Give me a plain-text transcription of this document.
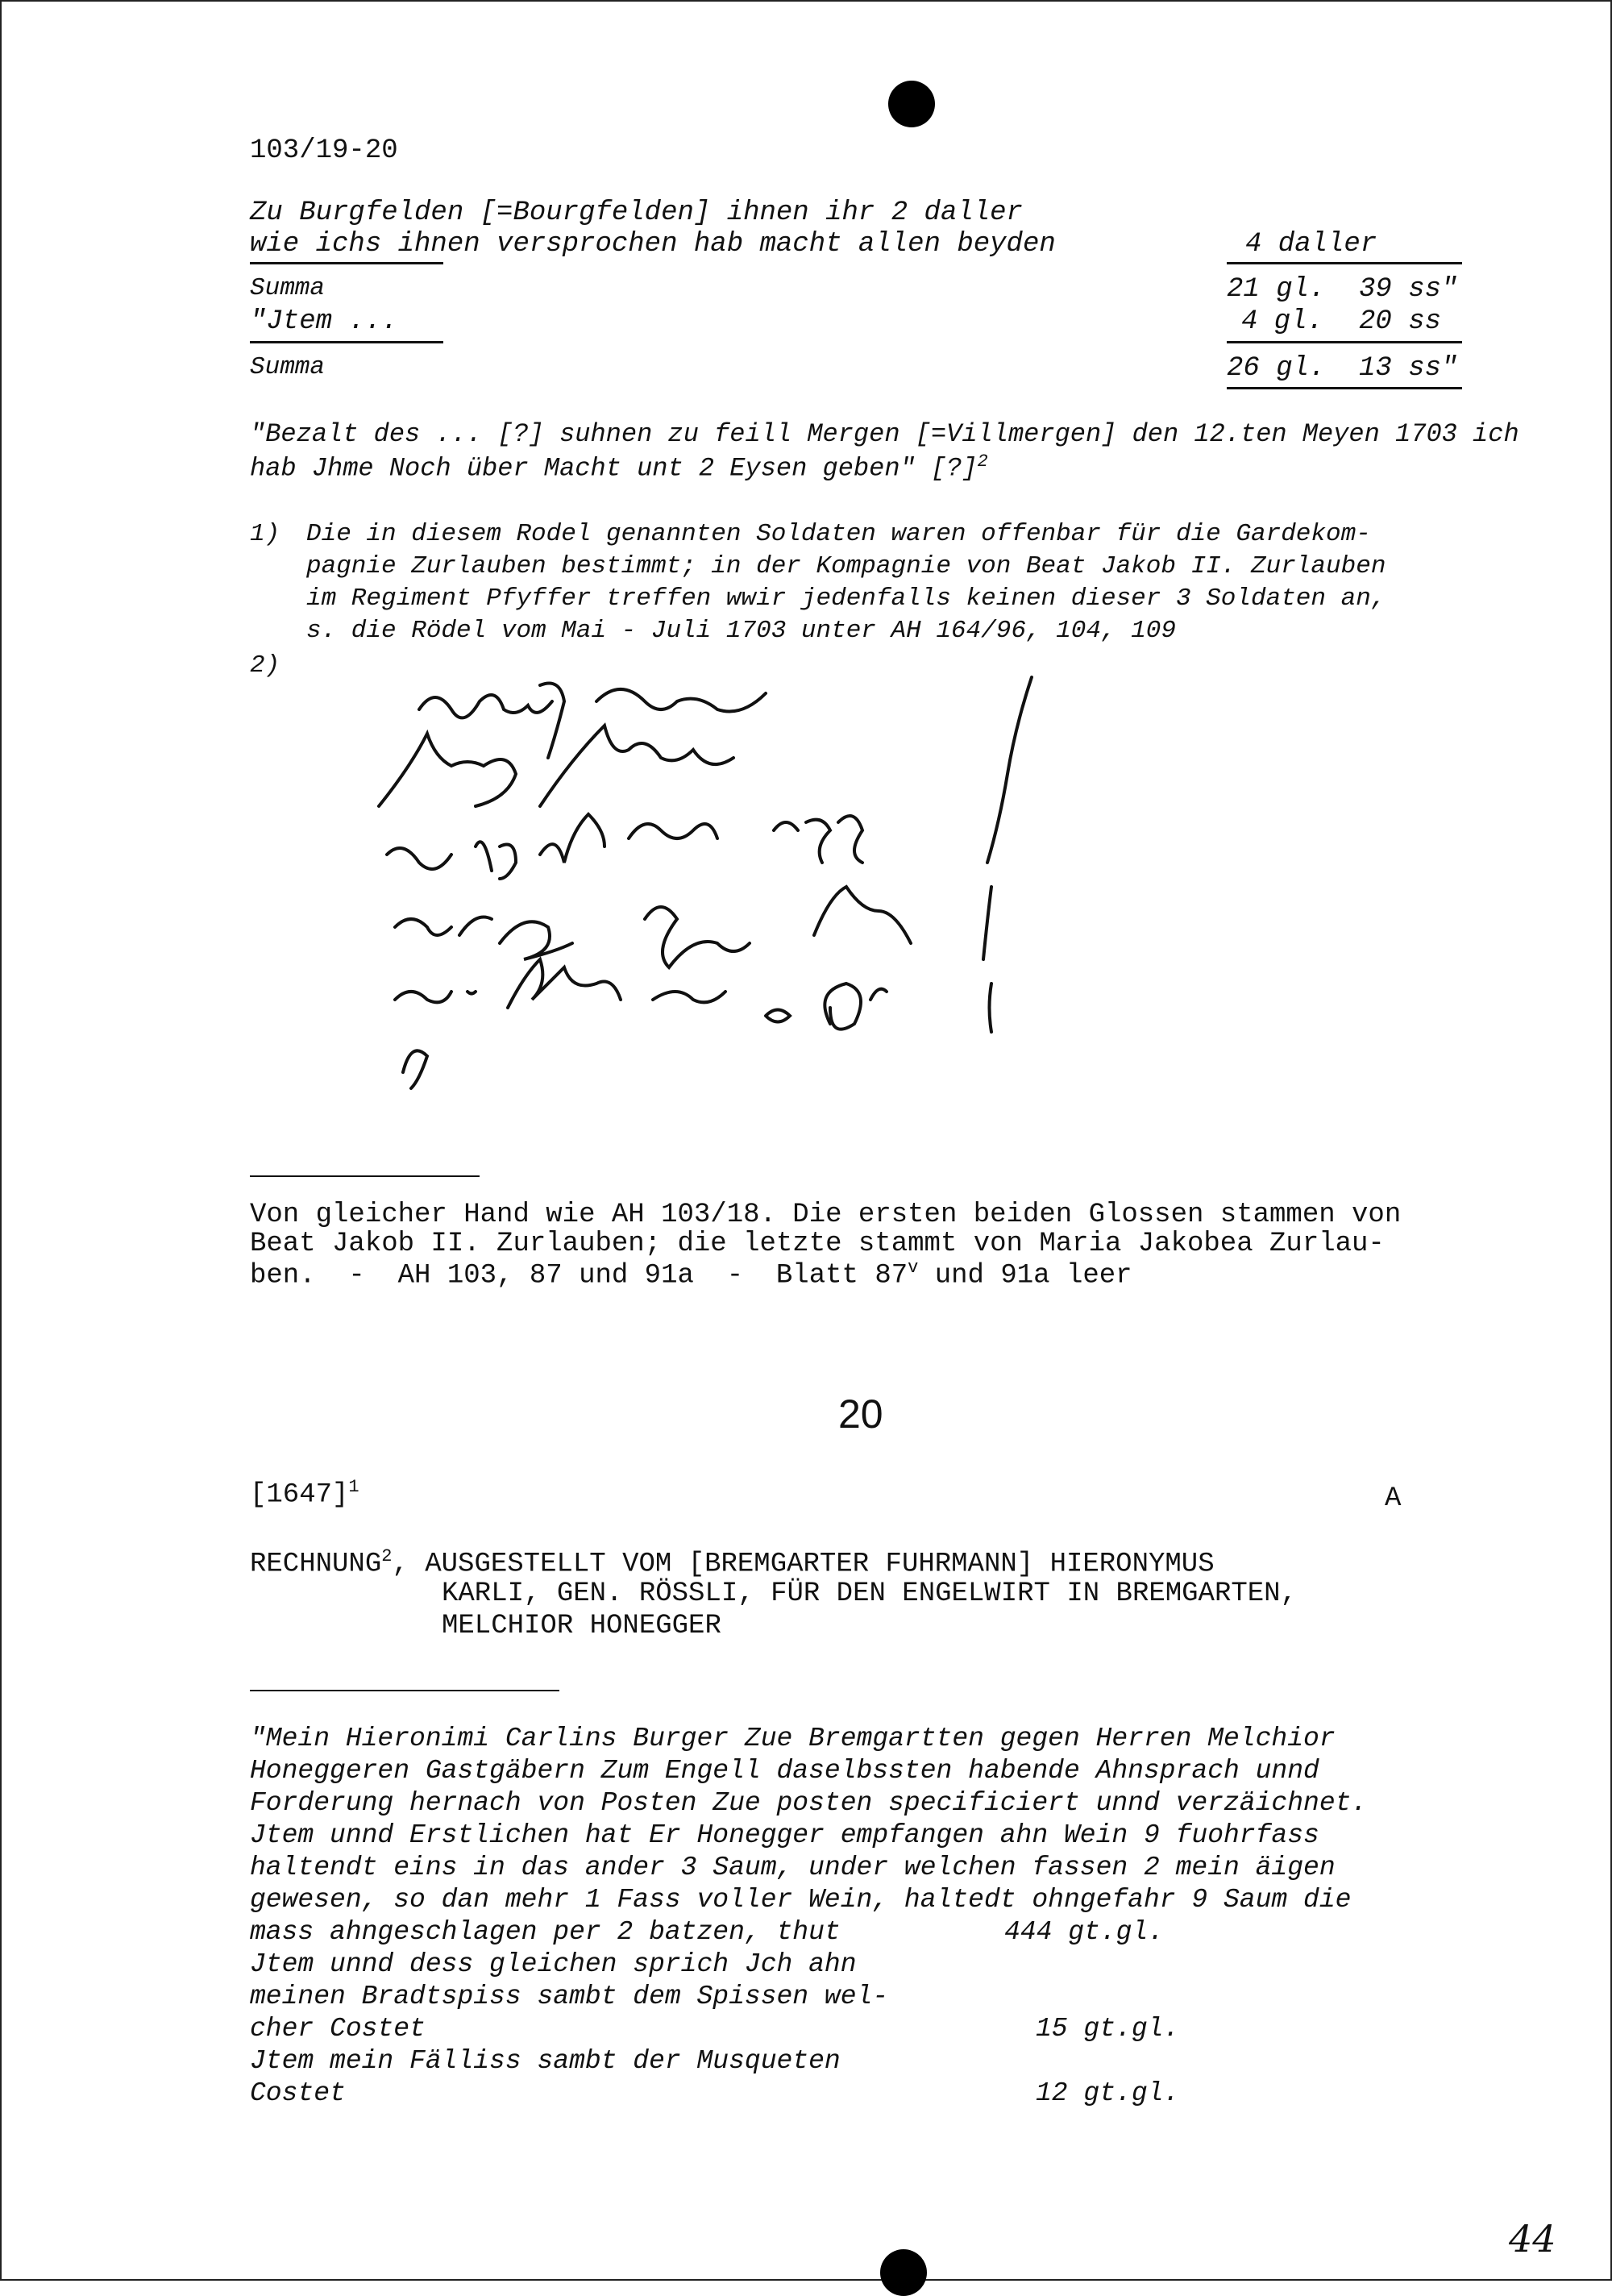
103/19-20
Zu Burgfelden [=Bourgfelden] ihnen ihr 2 daller
wie ichs ihnen versprochen hab macht allen beyden	4 daller
Summa	21 gl. 39 ss"
"Jtem ...	4 gl. 20 ss
Summa	26 gl. 13 ss"
"Bezalt des ... [?] suhnen zu feill Mergen [=Villmergen] den 12.ten Meyen 1703 ich
hab Jhme Noch über Macht unt 2 Eysen geben" [?]$^2$
1) Die in diesem Rodel genannten Soldaten waren offenbar für die Gardekom-
pagnie Zurlauben bestimmt; in der Kompagnie von Beat Jakob II. Zurlauben
im Regiment Pfyffer treffen wwir jedenfalls keinen dieser 3 Soldaten an,
s. die Rödel vom Mai - Juli 1703 unter AH 164/96, 104, 109
2)
Von gleicher Hand wie AH 103/18. Die ersten beiden Glossen stammen von
Beat Jakob II. Zurlauben; die letzte stammt von Maria Jakobea Zurlau-
ben.  -  AH 103, 87 und 91a  -  Blatt 87$^v$ und 91a leer
20
$[1647]^1$	A
RECHNUNG$^2$, AUSGESTELLT VOM [BREMGARTER FUHRMANN] HIERONYMUS
KARLI, GEN. RÖSSLI, FÜR DEN ENGELWIRT IN BREMGARTEN,
MELCHIOR HONEGGER
"Mein Hieronimi Carlins Burger Zue Bremgartten gegen Herren Melchior
Honeggeren Gastgäbern Zum Engell daselbssten habende Ahnsprach unnd
Forderung hernach von Posten Zue posten specificiert unnd verzäichnet.
Jtem unnd Erstlichen hat Er Honegger empfangen ahn Wein 9 fuohrfass
haltendt eins in das ander 3 Saum, under welchen fassen 2 mein äigen
gewesen, so dan mehr 1 Fass voller Wein, haltedt ohngefahr 9 Saum die
mass ahngeschlagen per 2 batzen, thut	444 gt.gl.
Jtem unnd dess gleichen sprich Jch ahn
meinen Bradtspiss sambt dem Spissen wel-
cher Costet	15 gt.gl.
Jtem mein Fälliss sambt der Musqueten
Costet	12 gt.gl.
44
